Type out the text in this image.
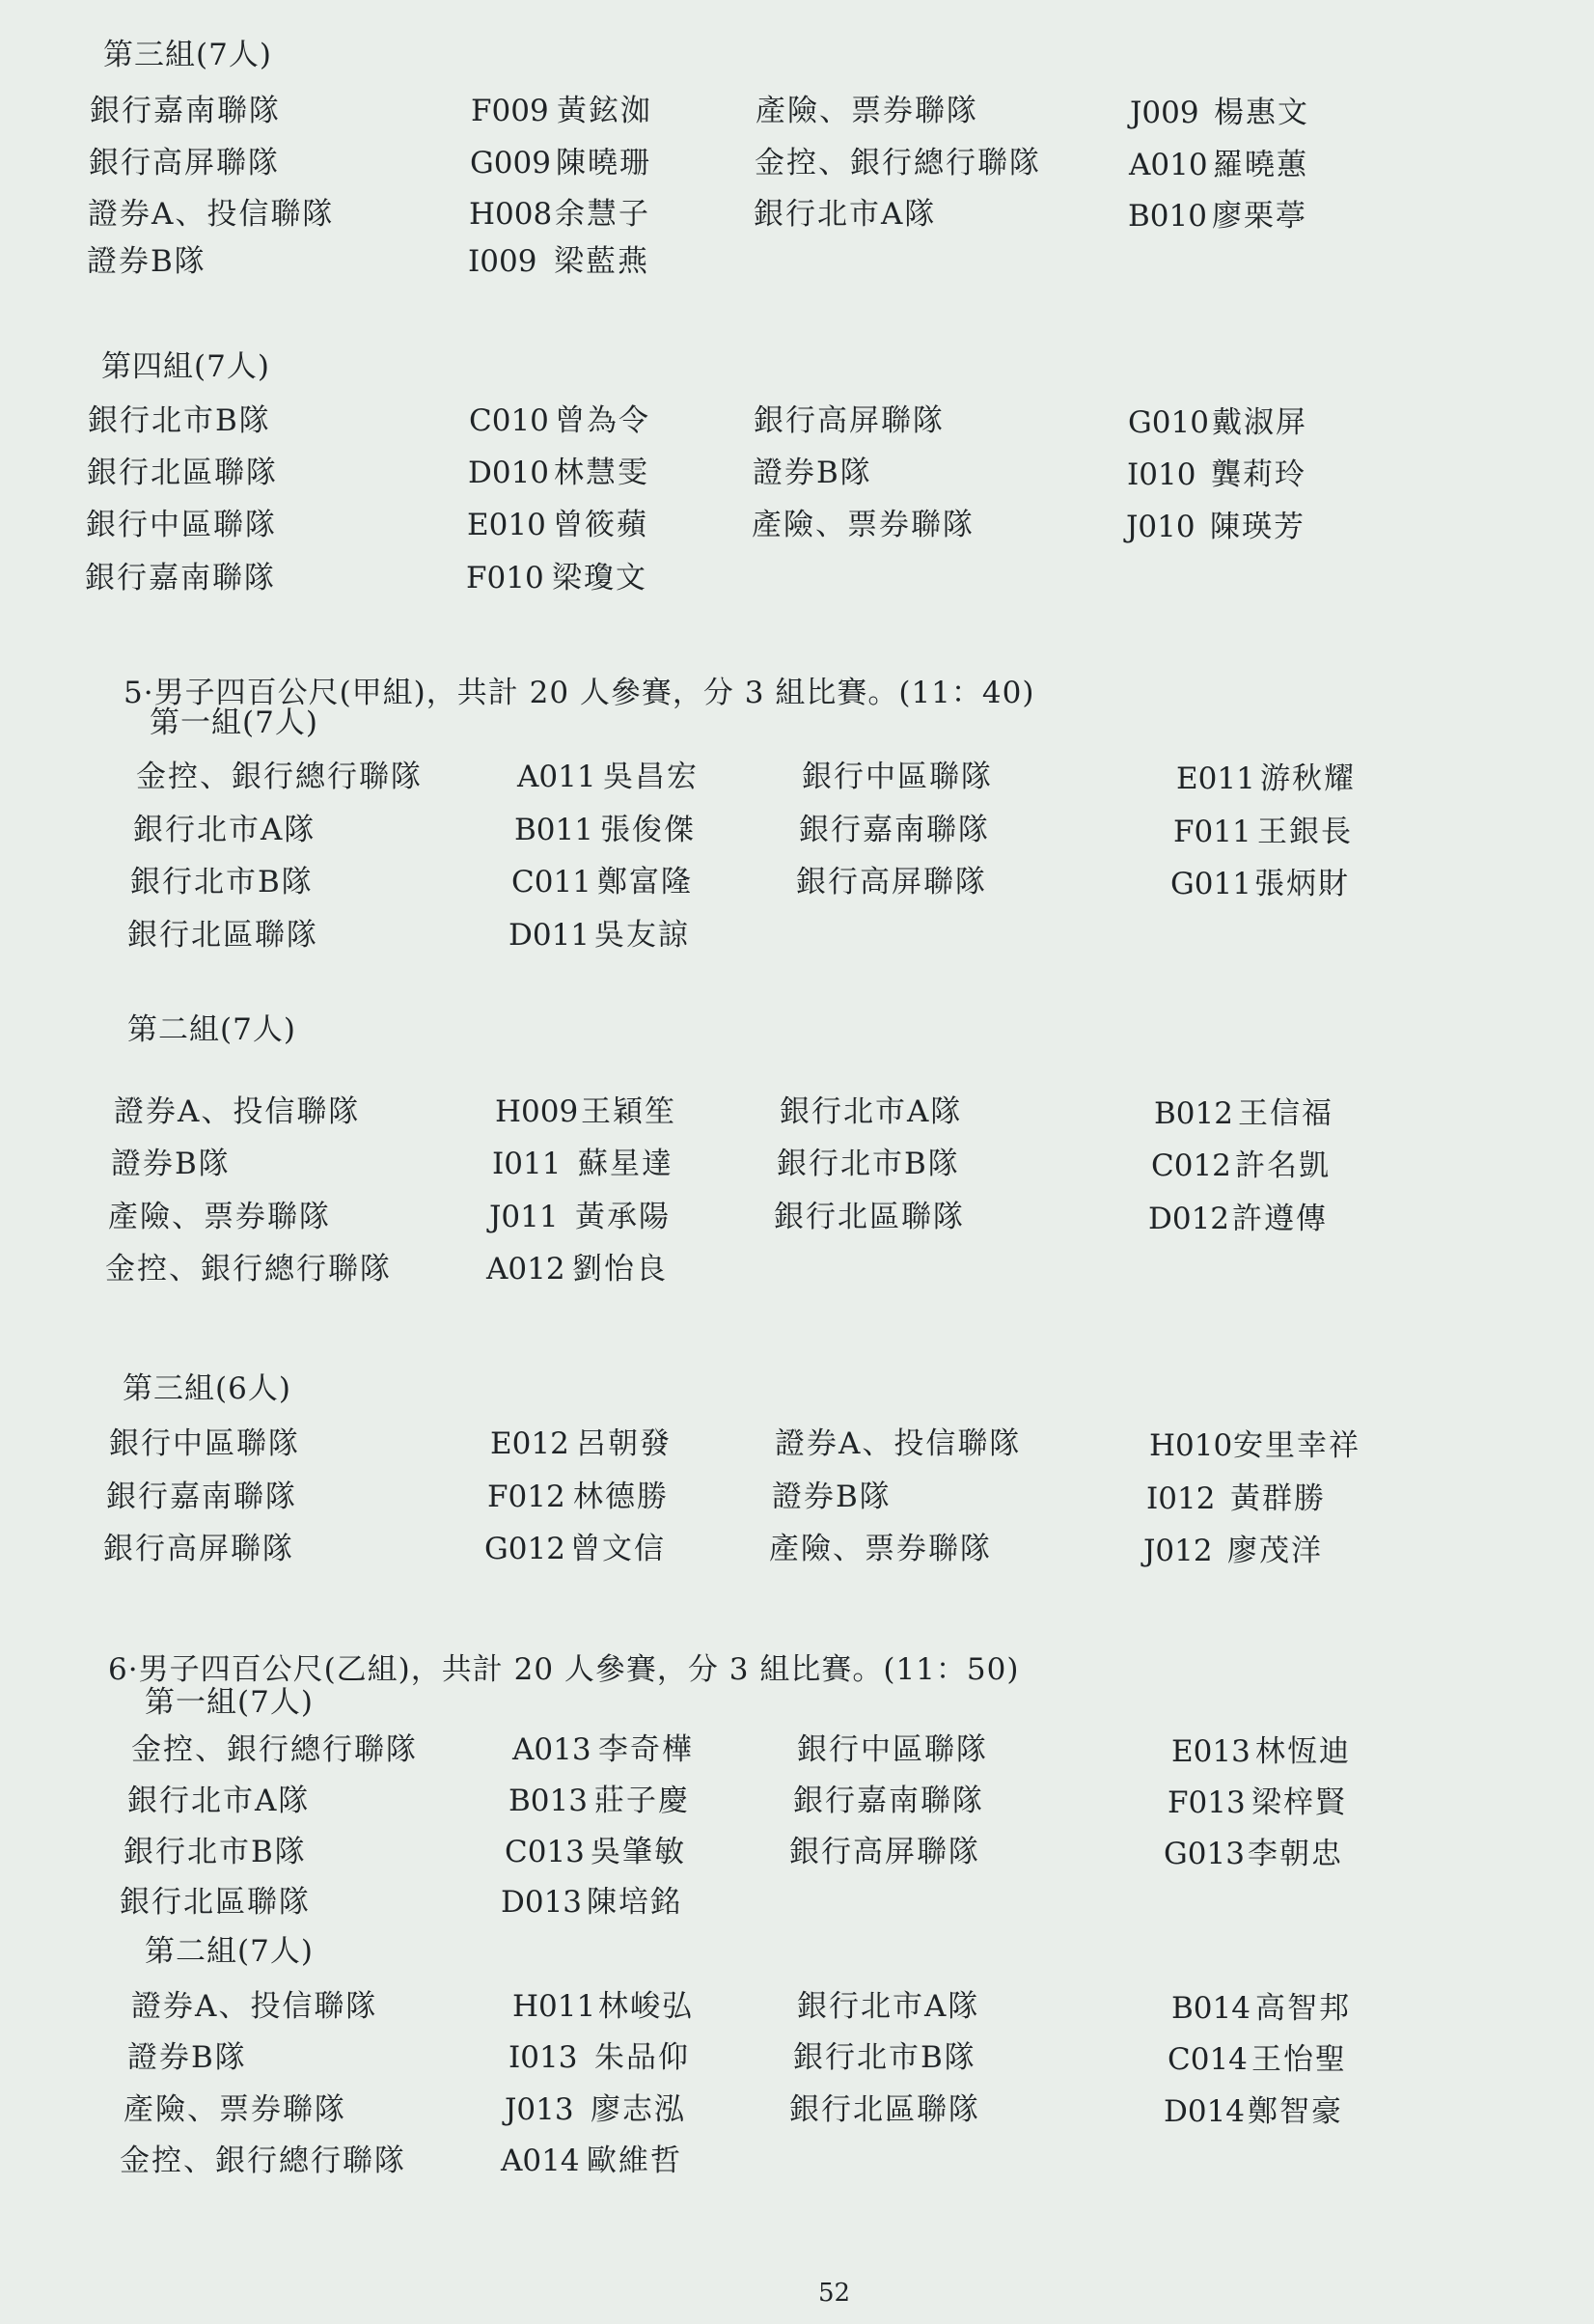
第三組(7人)
銀行嘉南聯隊	F009 黃鉉洳	產險、票券聯隊	J009 楊惠文
銀行高屏聯隊	G009 陳曉珊	金控、銀行總行聯隊	A010 羅曉蕙
證券A、投信聯隊	H008 余慧子	銀行北市A隊	B010 廖栗葶
證券B隊	I009 梁藍燕
第四組(7人)
銀行北市B隊	C010 曾為令	銀行高屏聯隊	G010 戴淑屏
銀行北區聯隊	D010 林慧雯	證券B隊	I010 龔莉玲
銀行中區聯隊	E010 曾筱蘋	產險、票券聯隊	J010 陳瑛芳
銀行嘉南聯隊	F010 梁瓊文
5·男子四百公尺(甲組)，共計 20 人參賽，分 3 組比賽。(11：40)
第一組(7人)
金控、銀行總行聯隊	A011 吳昌宏	銀行中區聯隊	E011 游秋耀
銀行北市A隊	B011 張俊傑	銀行嘉南聯隊	F011 王銀長
銀行北市B隊	C011 鄭富隆	銀行高屏聯隊	G011 張炳財
銀行北區聯隊	D011 吳友諒
第二組(7人)
證券A、投信聯隊	H009 王穎笙	銀行北市A隊	B012 王信福
證券B隊	I011 蘇星達	銀行北市B隊	C012 許名凱
產險、票券聯隊	J011 黃承陽	銀行北區聯隊	D012 許遵傳
金控、銀行總行聯隊	A012 劉怡良
第三組(6人)
銀行中區聯隊	E012 呂朝發	證券A、投信聯隊	H010 安里幸祥
銀行嘉南聯隊	F012 林德勝	證券B隊	I012 黃群勝
銀行高屏聯隊	G012 曾文信	產險、票券聯隊	J012 廖茂洋
6·男子四百公尺(乙組)，共計 20 人參賽，分 3 組比賽。(11：50)
第一組(7人)
金控、銀行總行聯隊	A013 李奇樺	銀行中區聯隊	E013 林恆迪
銀行北市A隊	B013 莊子慶	銀行嘉南聯隊	F013 梁梓賢
銀行北市B隊	C013 吳肇敏	銀行高屏聯隊	G013 李朝忠
銀行北區聯隊	D013 陳培銘
第二組(7人)
證券A、投信聯隊	H011 林峻弘	銀行北市A隊	B014 高智邦
證券B隊	I013 朱品仰	銀行北市B隊	C014 王怡聖
產險、票券聯隊	J013 廖志泓	銀行北區聯隊	D014 鄭智豪
金控、銀行總行聯隊	A014 歐維哲
52
